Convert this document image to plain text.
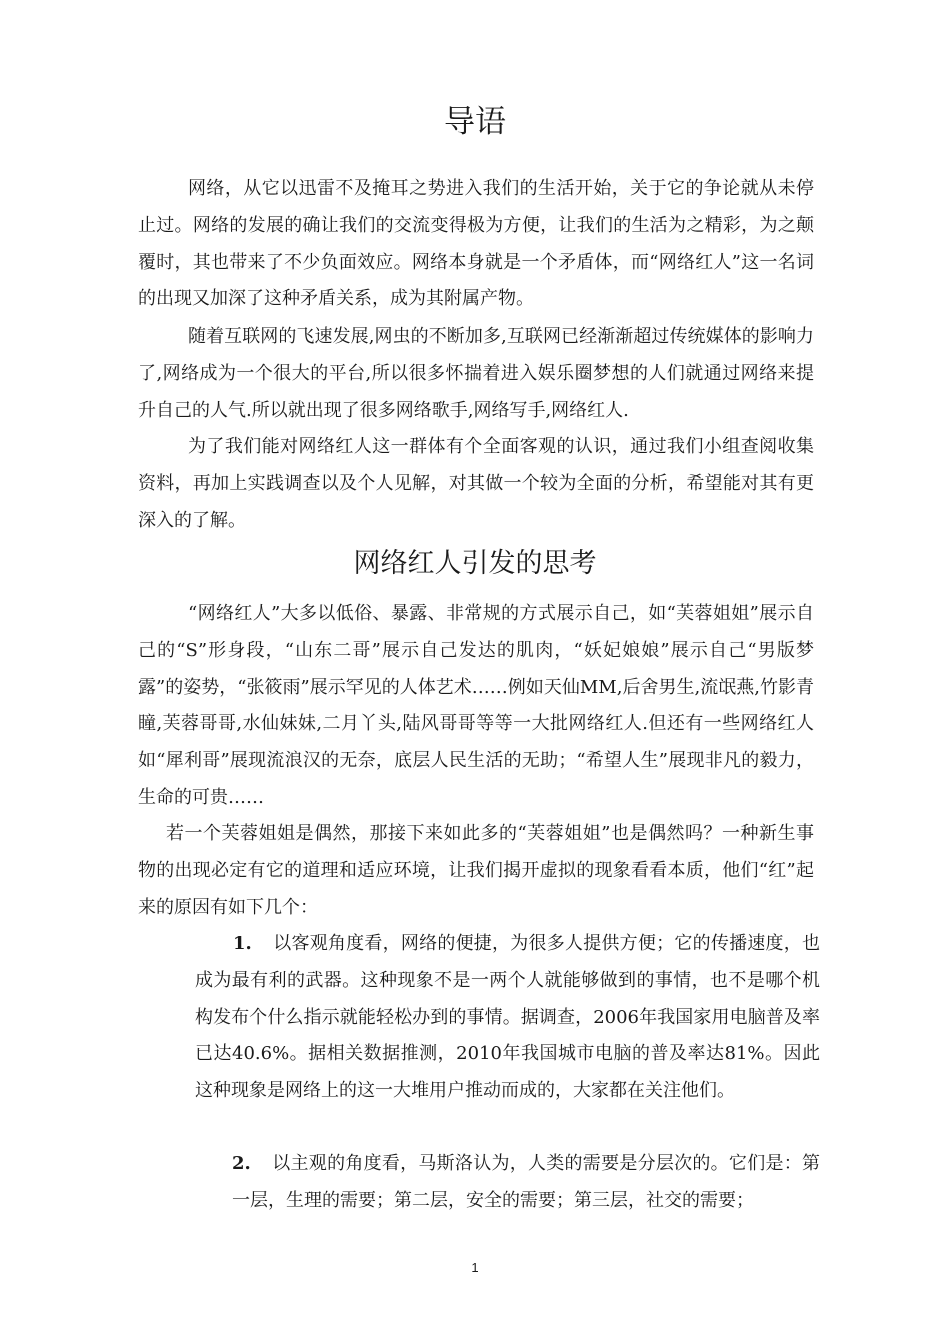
导语

网络，从它以迅雷不及掩耳之势进入我们的生活开始，关于它的争论就从未停止过。网络的发展的确让我们的交流变得极为方便，让我们的生活为之精彩，为之颠覆时，其也带来了不少负面效应。网络本身就是一个矛盾体，而“网络红人”这一名词的出现又加深了这种矛盾关系，成为其附属产物。

随着互联网的飞速发展,网虫的不断加多,互联网已经渐渐超过传统媒体的影响力了,网络成为一个很大的平台,所以很多怀揣着进入娱乐圈梦想的人们就通过网络来提升自己的人气.所以就出现了很多网络歌手,网络写手,网络红人.

为了我们能对网络红人这一群体有个全面客观的认识，通过我们小组查阅收集资料，再加上实践调查以及个人见解，对其做一个较为全面的分析，希望能对其有更深入的了解。

网络红人引发的思考

“网络红人”大多以低俗、暴露、非常规的方式展示自己，如“芙蓉姐姐”展示自己的“S”形身段，“山东二哥”展示自己发达的肌肉，“妖妃娘娘”展示自己“男版梦露”的姿势，“张筱雨”展示罕见的人体艺术……例如天仙MM,后舍男生,流氓燕,竹影青瞳,芙蓉哥哥,水仙妹妹,二月丫头,陆风哥哥等等一大批网络红人.但还有一些网络红人如“犀利哥”展现流浪汉的无奈，底层人民生活的无助；“希望人生”展现非凡的毅力，生命的可贵……

若一个芙蓉姐姐是偶然，那接下来如此多的“芙蓉姐姐”也是偶然吗？一种新生事物的出现必定有它的道理和适应环境，让我们揭开虚拟的现象看看本质，他们“红”起来的原因有如下几个：

1. 以客观角度看，网络的便捷，为很多人提供方便；它的传播速度，也成为最有利的武器。这种现象不是一两个人就能够做到的事情，也不是哪个机构发布个什么指示就能轻松办到的事情。据调查，2006年我国家用电脑普及率已达40.6%。据相关数据推测，2010年我国城市电脑的普及率达81%。因此这种现象是网络上的这一大堆用户推动而成的，大家都在关注他们。

2. 以主观的角度看，马斯洛认为，人类的需要是分层次的。它们是：第一层，生理的需要；第二层，安全的需要；第三层，社交的需要；

1
